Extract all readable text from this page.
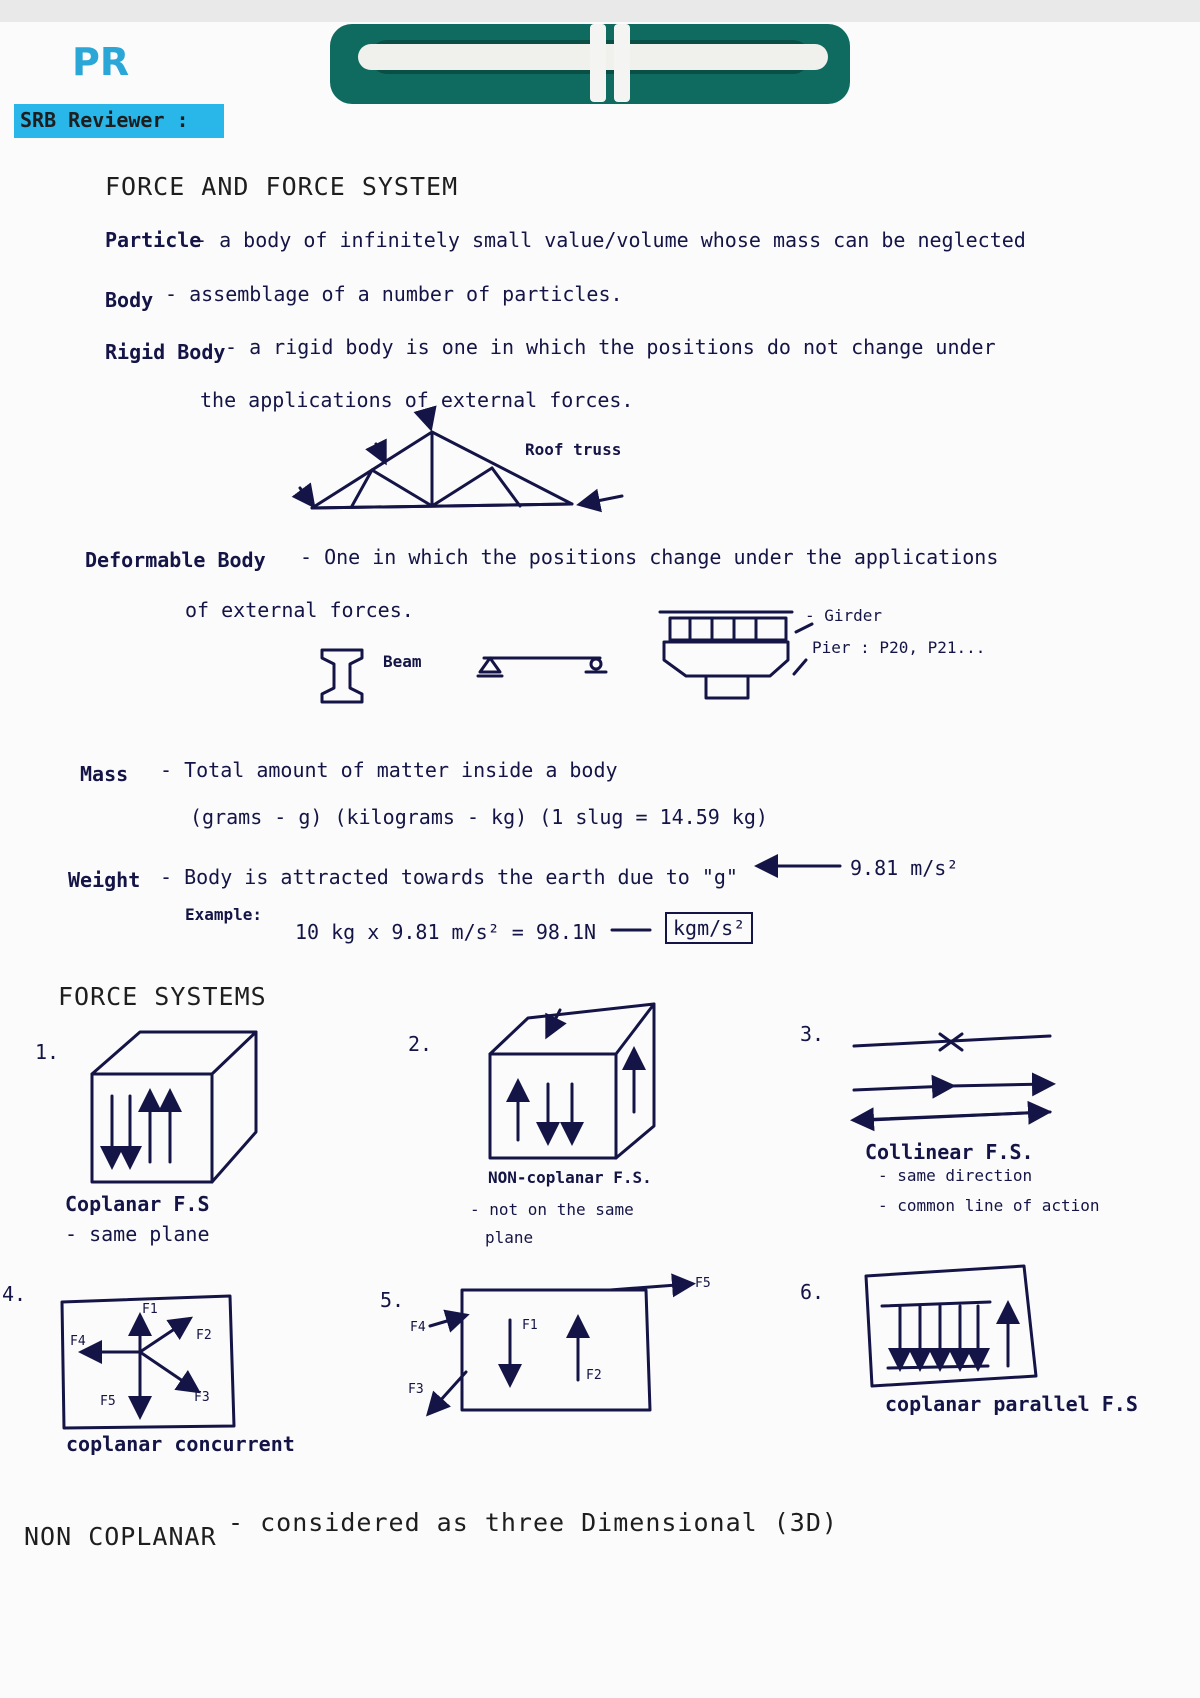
PR
SRB Reviewer :
FORCE AND FORCE SYSTEM
Particle
- a body of infinitely small value/volume whose mass can be neglected
Body - assemblage of a number of particles.
Rigid Body - a rigid body is one in which the positions do not change under
the applications of external forces.
Roof truss
Deformable Body - One in which the positions change under the applications
of external forces.
Beam
- Girder
Pier : P20, P21...
Mass - Total amount of matter inside a body
(grams - g) (kilograms - kg) (1 slug = 14.59 kg)
Weight - Body is attracted towards the earth due to "g"	9.81 m/s²
Example:
10 kg x 9.81 m/s² = 98.1N	kgm/s²
FORCE SYSTEMS
1.
Coplanar F.S
- same plane
2.
NON-coplanar F.S.
- not on the same
plane
3.
Collinear F.S.
- same direction
- common line of action
4.
coplanar concurrent
F1
F2
F3
F4
F5
5.
F1
F2
F3
F4
F5	6.
coplanar parallel F.S
NON COPLANAR - considered as three Dimensional (3D)
